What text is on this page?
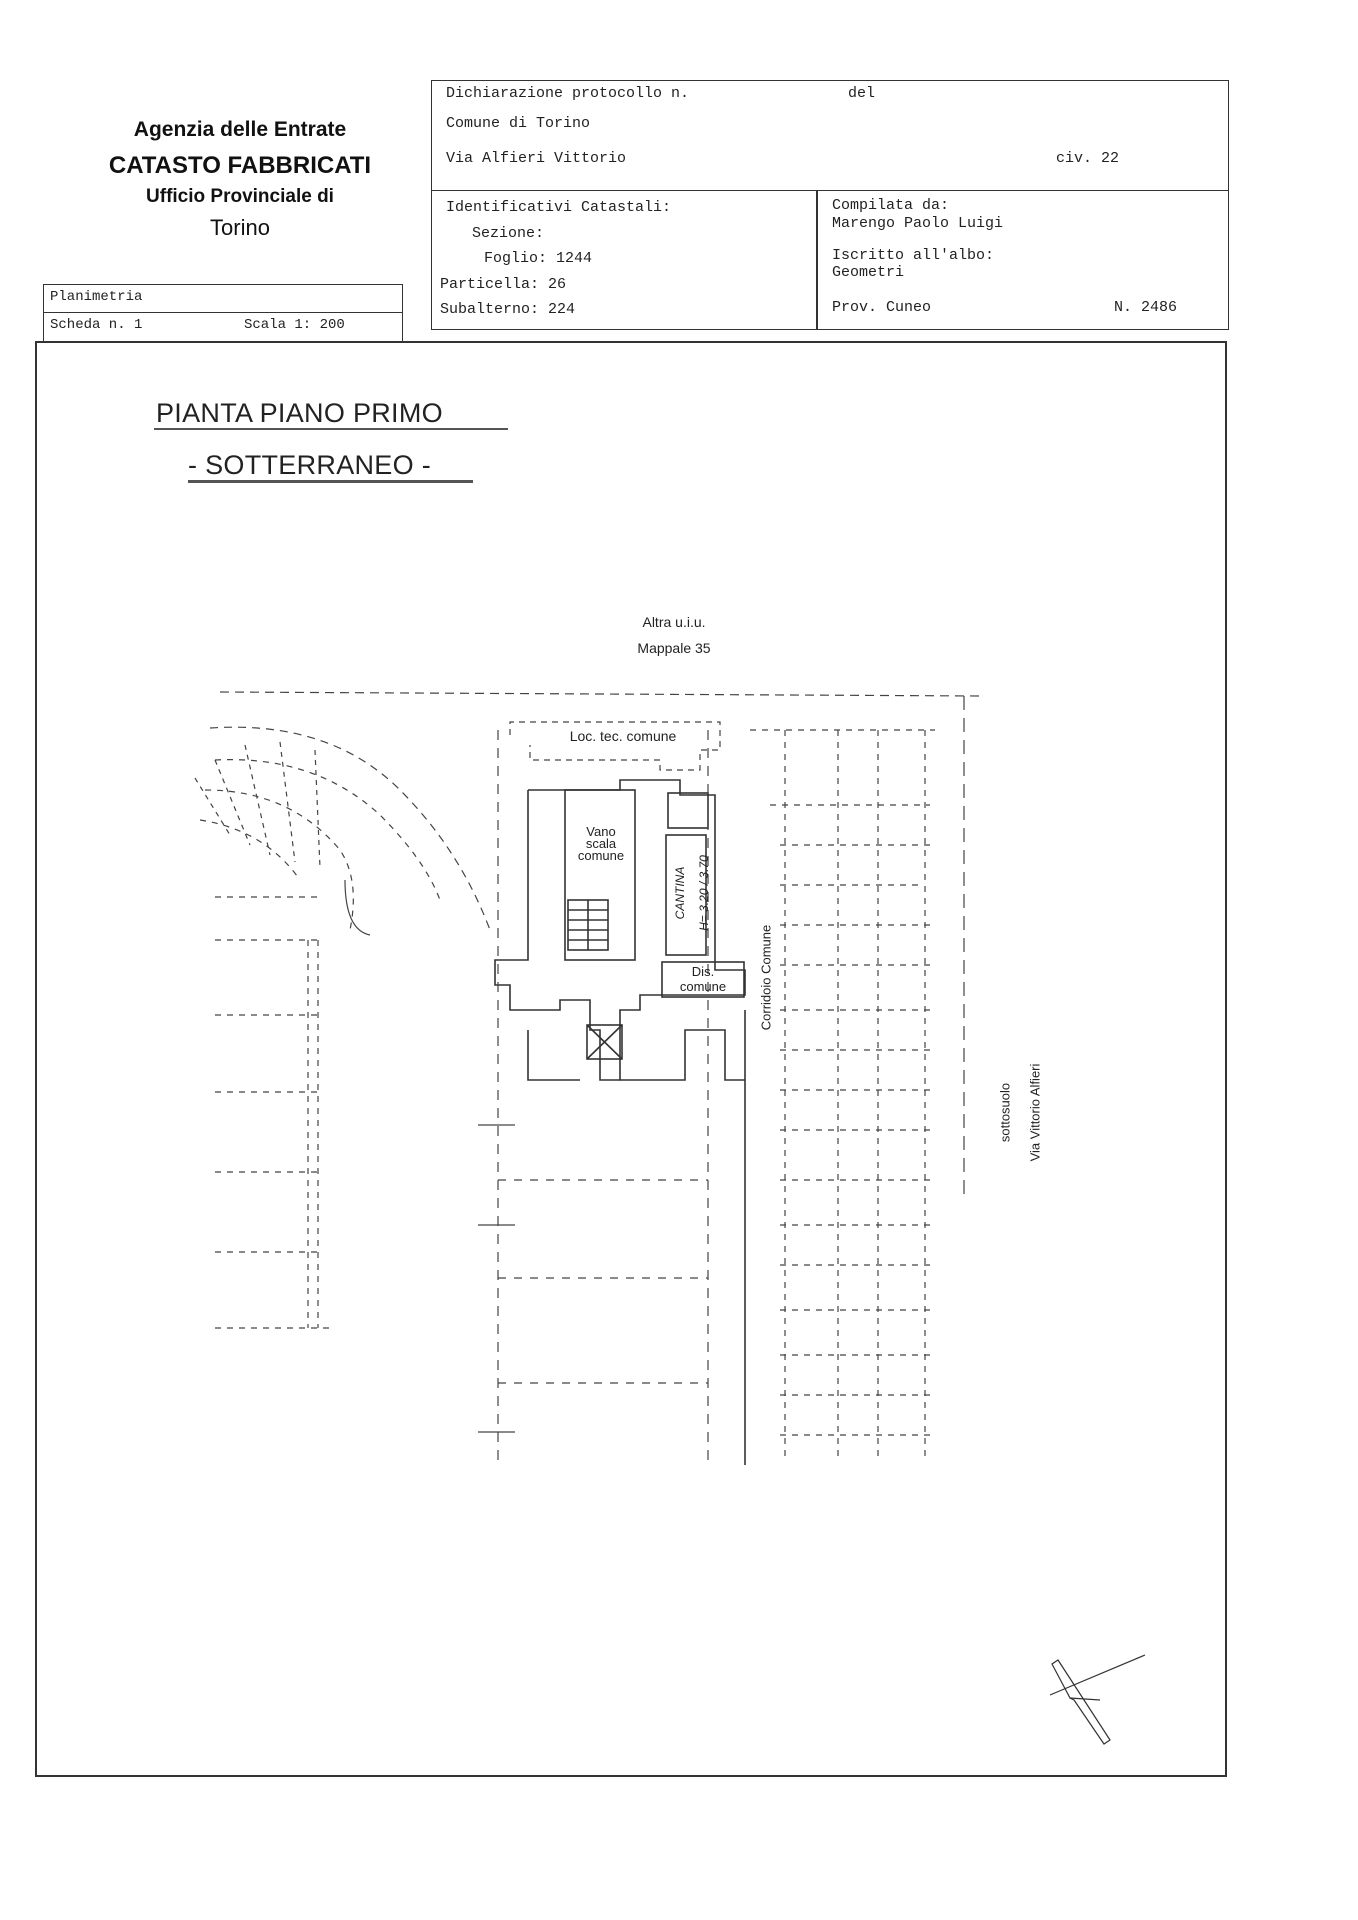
Agenzia delle Entrate
CATASTO FABBRICATI
Ufficio Provinciale di
Torino
Dichiarazione protocollo n.	del
Comune di Torino
Via Alfieri Vittorio	civ. 22
Identificativi Catastali:
Sezione:
Foglio: 1244
Particella: 26
Subalterno: 224
Compilata da:
Marengo Paolo Luigi
Iscritto all'albo:
Geometri
Prov. Cuneo	N. 2486
Planimetria
Scheda n. 1	Scala 1: 200
PIANTA PIANO PRIMO
- SOTTERRANEO -
Altra u.i.u.
Mappale 35
Loc. tec. comune
Vano
scala
comune
CANTINA H= 3.20 / 3.70
Dis.
comune	Corridoio Comune
sottosuolo Via Vittorio Alfieri
